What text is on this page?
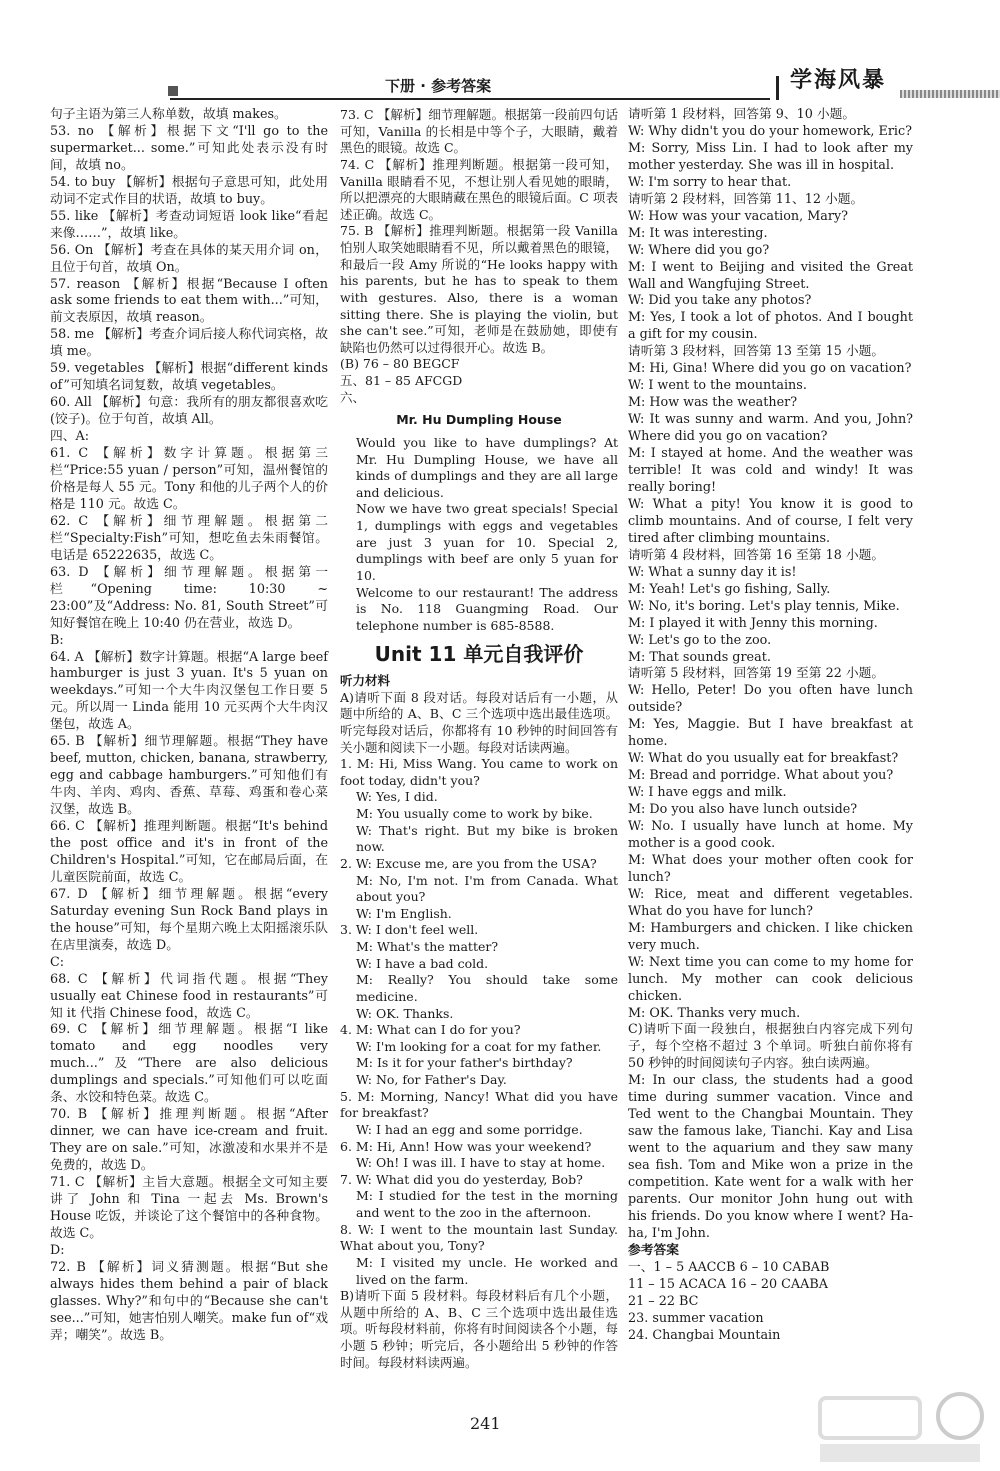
下册 · 参考答案	学海风暴

句子主语为第三人称单数，故填 makes。

53. no 【解析】根据下文“I'll go to the supermarket... some.”可知此处表示没有时间，故填 no。

54. to buy 【解析】根据句子意思可知，此处用动词不定式作目的状语，故填 to buy。

55. like 【解析】考查动词短语 look like“看起来像……”，故填 like。

56. On 【解析】考查在具体的某天用介词 on，且位于句首，故填 On。

57. reason 【解析】根据“Because I often ask some friends to eat them with...”可知，前文表原因，故填 reason。

58. me 【解析】考查介词后接人称代词宾格，故填 me。

59. vegetables 【解析】根据“different kinds of”可知填名词复数，故填 vegetables。

60. All 【解析】句意：我所有的朋友都很喜欢吃(饺子)。位于句首，故填 All。

四、A:

61. C 【解析】数字计算题。根据第三栏“Price:55 yuan / person”可知，温州餐馆的价格是每人 55 元。Tony 和他的儿子两个人的价格是 110 元。故选 C。

62. C 【解析】细节理解题。根据第二栏“Specialty:Fish”可知，想吃鱼去朱雨餐馆。电话是 65222635，故选 C。

63. D 【解析】细节理解题。根据第一栏“Opening time: 10:30 ~ 23:00”及“Address: No. 81, South Street”可知好餐馆在晚上 10:40 仍在营业，故选 D。

B:

64. A 【解析】数字计算题。根据“A large beef hamburger is just 3 yuan. It's 5 yuan on weekdays.”可知一个大牛肉汉堡包工作日要 5 元。所以周一 Linda 能用 10 元买两个大牛肉汉堡包，故选 A。

65. B 【解析】细节理解题。根据“They have beef, mutton, chicken, banana, strawberry, egg and cabbage hamburgers.”可知他们有牛肉、羊肉、鸡肉、香蕉、草莓、鸡蛋和卷心菜汉堡，故选 B。

66. C 【解析】推理判断题。根据“It's behind the post office and it's in front of the Children's Hospital.”可知，它在邮局后面，在儿童医院前面，故选 C。

67. D 【解析】细节理解题。根据“every Saturday evening Sun Rock Band plays in the house”可知，每个星期六晚上太阳摇滚乐队在店里演奏，故选 D。

C:

68. C 【解析】代词指代题。根据“They usually eat Chinese food in restaurants”可知 it 代指 Chinese food，故选 C。

69. C 【解析】细节理解题。根据“I like tomato and egg noodles very much...”及“There are also delicious dumplings and specials.”可知他们可以吃面条、水饺和特色菜。故选 C。

70. B 【解析】推理判断题。根据“After dinner, we can have ice-cream and fruit. They are on sale.”可知，冰激凌和水果并不是免费的，故选 D。

71. C 【解析】主旨大意题。根据全文可知主要讲了 John 和 Tina 一起去 Ms. Brown's House 吃饭，并谈论了这个餐馆中的各种食物。故选 C。

D:

72. B 【解析】词义猜测题。根据“But she always hides them behind a pair of black glasses. Why?”和句中的“Because she can't see...”可知，她害怕别人嘲笑。make fun of“戏弄；嘲笑”。故选 B。

73. C 【解析】细节理解题。根据第一段前四句话可知，Vanilla 的长相是中等个子，大眼睛，戴着黑色的眼镜。故选 C。

74. C 【解析】推理判断题。根据第一段可知，Vanilla 眼睛看不见，不想让别人看见她的眼睛，所以把漂亮的大眼睛藏在黑色的眼镜后面。C 项表述正确。故选 C。

75. B 【解析】推理判断题。根据第一段 Vanilla 怕别人取笑她眼睛看不见，所以戴着黑色的眼镜，和最后一段 Amy 所说的“He looks happy with his parents, but he has to speak to them with gestures. Also, there is a woman sitting there. She is playing the violin, but she can't see.”可知，老师是在鼓励她，即使有缺陷也仍然可以过得很开心。故选 B。

(B) 76 – 80 BEGCF

五、81 – 85 AFCGD

六、

Mr. Hu Dumpling House

Would you like to have dumplings? At Mr. Hu Dumpling House, we have all kinds of dumplings and they are all large and delicious.

Now we have two great specials! Special 1, dumplings with eggs and vegetables are just 3 yuan for 10. Special 2, dumplings with beef are only 5 yuan for 10.

Welcome to our restaurant! The address is No. 118 Guangming Road. Our telephone number is 685-8588.

Unit 11 单元自我评价

听力材料

A)请听下面 8 段对话。每段对话后有一小题，从题中所给的 A、B、C 三个选项中选出最佳选项。听完每段对话后，你都将有 10 秒钟的时间回答有关小题和阅读下一小题。每段对话读两遍。

1. M: Hi, Miss Wang. You came to work on foot today, didn't you?

W: Yes, I did.

M: You usually come to work by bike.

W: That's right. But my bike is broken now.

2. W: Excuse me, are you from the USA?

M: No, I'm not. I'm from Canada. What about you?

W: I'm English.

3. W: I don't feel well.

M: What's the matter?

W: I have a bad cold.

M: Really? You should take some medicine.

W: OK. Thanks.

4. M: What can I do for you?

W: I'm looking for a coat for my father.

M: Is it for your father's birthday?

W: No, for Father's Day.

5. M: Morning, Nancy! What did you have for breakfast?

W: I had an egg and some porridge.

6. M: Hi, Ann! How was your weekend?

W: Oh! I was ill. I have to stay at home.

7. W: What did you do yesterday, Bob?

M: I studied for the test in the morning and went to the zoo in the afternoon.

8. W: I went to the mountain last Sunday. What about you, Tony?

M: I visited my uncle. He worked and lived on the farm.

B)请听下面 5 段材料。每段材料后有几个小题，从题中所给的 A、B、C 三个选项中选出最佳选项。听每段材料前，你将有时间阅读各个小题，每小题 5 秒钟；听完后，各小题给出 5 秒钟的作答时间。每段材料读两遍。

请听第 1 段材料，回答第 9、10 小题。

W: Why didn't you do your homework, Eric?

M: Sorry, Miss Lin. I had to look after my mother yesterday. She was ill in hospital.

W: I'm sorry to hear that.

请听第 2 段材料，回答第 11、12 小题。

W: How was your vacation, Mary?

M: It was interesting.

W: Where did you go?

M: I went to Beijing and visited the Great Wall and Wangfujing Street.

W: Did you take any photos?

M: Yes, I took a lot of photos. And I bought a gift for my cousin.

请听第 3 段材料，回答第 13 至第 15 小题。

M: Hi, Gina! Where did you go on vacation?

W: I went to the mountains.

M: How was the weather?

W: It was sunny and warm. And you, John? Where did you go on vacation?

M: I stayed at home. And the weather was terrible! It was cold and windy! It was really boring!

W: What a pity! You know it is good to climb mountains. And of course, I felt very tired after climbing mountains.

请听第 4 段材料，回答第 16 至第 18 小题。

W: What a sunny day it is!

M: Yeah! Let's go fishing, Sally.

W: No, it's boring. Let's play tennis, Mike.

M: I played it with Jenny this morning.

W: Let's go to the zoo.

M: That sounds great.

请听第 5 段材料，回答第 19 至第 22 小题。

W: Hello, Peter! Do you often have lunch outside?

M: Yes, Maggie. But I have breakfast at home.

W: What do you usually eat for breakfast?

M: Bread and porridge. What about you?

W: I have eggs and milk.

M: Do you also have lunch outside?

W: No. I usually have lunch at home. My mother is a good cook.

M: What does your mother often cook for lunch?

W: Rice, meat and different vegetables. What do you have for lunch?

M: Hamburgers and chicken. I like chicken very much.

W: Next time you can come to my home for lunch. My mother can cook delicious chicken.

M: OK. Thanks very much.

C)请听下面一段独白，根据独白内容完成下列句子，每个空格不超过 3 个单词。听独白前你将有 50 秒钟的时间阅读句子内容。独白读两遍。

M: In our class, the students had a good time during summer vacation. Vince and Ted went to the Changbai Mountain. They saw the famous lake, Tianchi. Kay and Lisa went to the aquarium and they saw many sea fish. Tom and Mike won a prize in the competition. Kate went for a walk with her parents. Our monitor John hung out with his friends. Do you know where I went? Ha-ha, I'm John.

参考答案

一、1 – 5 AACCB 6 – 10 CABAB

11 – 15 ACACA 16 – 20 CAABA

21 – 22 BC

23. summer vacation

24. Changbai Mountain

241
